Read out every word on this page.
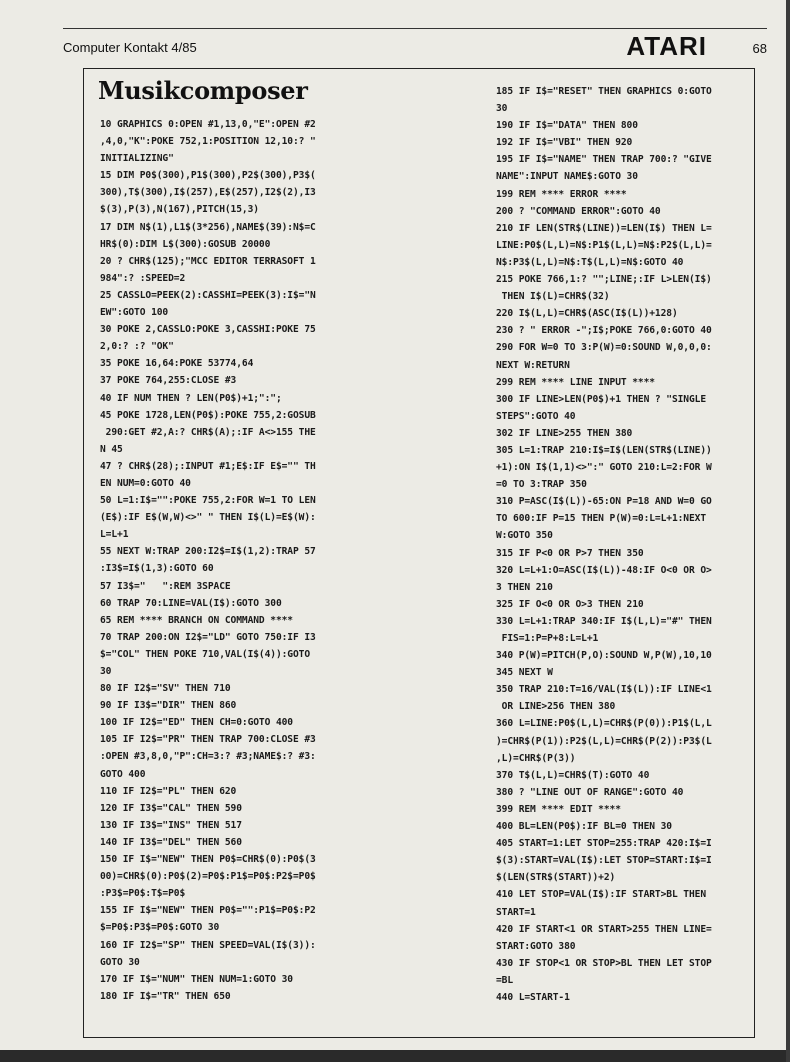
Computer Kontakt 4/85	ATARI	68
Musikcomposer
10 GRAPHICS 0:OPEN #1,13,0,"E":OPEN #2
,4,0,"K":POKE 752,1:POSITION 12,10:? "
INITIALIZING"
15 DIM P0$(300),P1$(300),P2$(300),P3$(
300),T$(300),I$(257),E$(257),I2$(2),I3
$(3),P(3),N(167),PITCH(15,3)
17 DIM N$(1),L1$(3*256),NAME$(39):N$=C
HR$(0):DIM L$(300):GOSUB 20000
20 ? CHR$(125);"MCC EDITOR TERRASOFT 1
984":? :SPEED=2
25 CASSLO=PEEK(2):CASSHI=PEEK(3):I$="N
EW":GOTO 100
30 POKE 2,CASSLO:POKE 3,CASSHI:POKE 75
2,0:? :? "OK"
35 POKE 16,64:POKE 53774,64
37 POKE 764,255:CLOSE #3
40 IF NUM THEN ? LEN(P0$)+1;":";
45 POKE 1728,LEN(P0$):POKE 755,2:GOSUB
290:GET #2,A:? CHR$(A);:IF A<>155 THE
N 45
47 ? CHR$(28);:INPUT #1;E$:IF E$="" TH
EN NUM=0:GOTO 40
50 L=1:I$="":POKE 755,2:FOR W=1 TO LEN
(E$):IF E$(W,W)<>" " THEN I$(L)=E$(W):
L=L+1
55 NEXT W:TRAP 200:I2$=I$(1,2):TRAP 57
:I3$=I$(1,3):GOTO 60
57 I3$="   ":REM 3SPACE
60 TRAP 70:LINE=VAL(I$):GOTO 300
65 REM **** BRANCH ON COMMAND ****
70 TRAP 200:ON I2$="LD" GOTO 750:IF I3
$="COL" THEN POKE 710,VAL(I$(4)):GOTO
30
80 IF I2$="SV" THEN 710
90 IF I3$="DIR" THEN 860
100 IF I2$="ED" THEN CH=0:GOTO 400
105 IF I2$="PR" THEN TRAP 700:CLOSE #3
:OPEN #3,8,0,"P":CH=3:? #3;NAME$:? #3:
GOTO 400
110 IF I2$="PL" THEN 620
120 IF I3$="CAL" THEN 590
130 IF I3$="INS" THEN 517
140 IF I3$="DEL" THEN 560
150 IF I$="NEW" THEN P0$=CHR$(0):P0$(3
00)=CHR$(0):P0$(2)=P0$:P1$=P0$:P2$=P0$
:P3$=P0$:T$=P0$
155 IF I$="NEW" THEN P0$="":P1$=P0$:P2
$=P0$:P3$=P0$:GOTO 30
160 IF I2$="SP" THEN SPEED=VAL(I$(3)):
GOTO 30
170 IF I$="NUM" THEN NUM=1:GOTO 30
180 IF I$="TR" THEN 650
185 IF I$="RESET" THEN GRAPHICS 0:GOTO
30
190 IF I$="DATA" THEN 800
192 IF I$="VBI" THEN 920
195 IF I$="NAME" THEN TRAP 700:? "GIVE
NAME":INPUT NAME$:GOTO 30
199 REM **** ERROR ****
200 ? "COMMAND ERROR":GOTO 40
210 IF LEN(STR$(LINE))=LEN(I$) THEN L=
LINE:P0$(L,L)=N$:P1$(L,L)=N$:P2$(L,L)=
N$:P3$(L,L)=N$:T$(L,L)=N$:GOTO 40
215 POKE 766,1:? "";LINE;:IF L>LEN(I$)
THEN I$(L)=CHR$(32)
220 I$(L,L)=CHR$(ASC(I$(L))+128)
230 ? " ERROR -";I$;POKE 766,0:GOTO 40
290 FOR W=0 TO 3:P(W)=0:SOUND W,0,0,0:
NEXT W:RETURN
299 REM **** LINE INPUT ****
300 IF LINE>LEN(P0$)+1 THEN ? "SINGLE
STEPS":GOTO 40
302 IF LINE>255 THEN 380
305 L=1:TRAP 210:I$=I$(LEN(STR$(LINE))
+1):ON I$(1,1)<>":" GOTO 210:L=2:FOR W
=0 TO 3:TRAP 350
310 P=ASC(I$(L))-65:ON P=18 AND W=0 GO
TO 600:IF P=15 THEN P(W)=0:L=L+1:NEXT
W:GOTO 350
315 IF P<0 OR P>7 THEN 350
320 L=L+1:O=ASC(I$(L))-48:IF O<0 OR O>
3 THEN 210
325 IF O<0 OR O>3 THEN 210
330 L=L+1:TRAP 340:IF I$(L,L)="#" THEN
FIS=1:P=P+8:L=L+1
340 P(W)=PITCH(P,O):SOUND W,P(W),10,10
345 NEXT W
350 TRAP 210:T=16/VAL(I$(L)):IF LINE<1
OR LINE>256 THEN 380
360 L=LINE:P0$(L,L)=CHR$(P(0)):P1$(L,L
)=CHR$(P(1)):P2$(L,L)=CHR$(P(2)):P3$(L
,L)=CHR$(P(3))
370 T$(L,L)=CHR$(T):GOTO 40
380 ? "LINE OUT OF RANGE":GOTO 40
399 REM **** EDIT ****
400 BL=LEN(P0$):IF BL=0 THEN 30
405 START=1:LET STOP=255:TRAP 420:I$=I
$(3):START=VAL(I$):LET STOP=START:I$=I
$(LEN(STR$(START))+2)
410 LET STOP=VAL(I$):IF START>BL THEN
START=1
420 IF START<1 OR START>255 THEN LINE=
START:GOTO 380
430 IF STOP<1 OR STOP>BL THEN LET STOP
=BL
440 L=START-1
